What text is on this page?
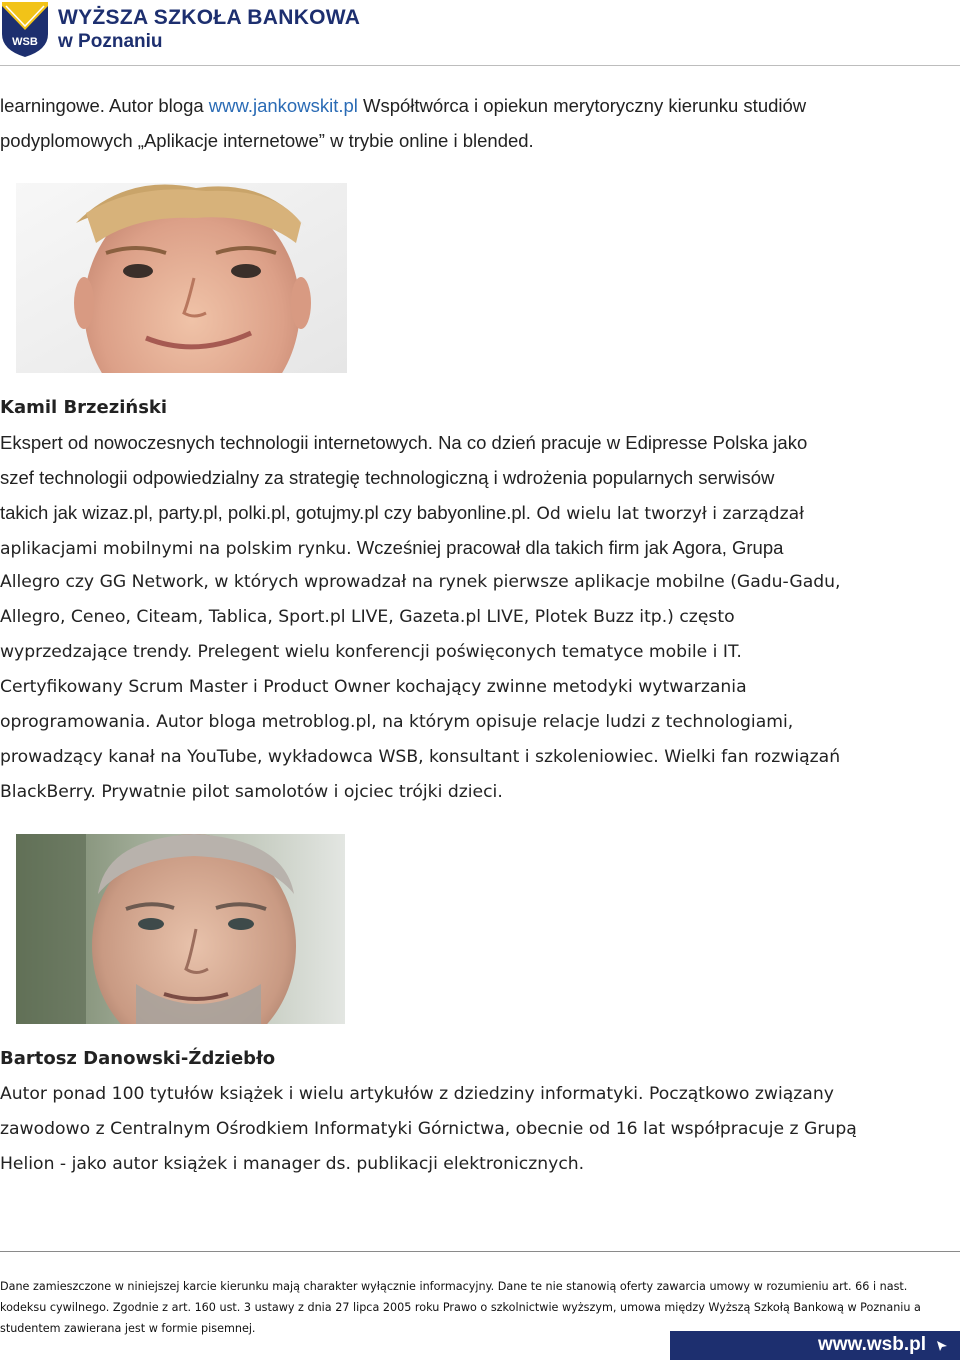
WSB
WYŻSZA SZKOŁA BANKOWA
w Poznaniu
learningowe. Autor bloga www.jankowskit.pl Współtwórca i opiekun merytoryczny kierunku studiów
podyplomowych „Aplikacje internetowe” w trybie online i blended.
Kamil Brzeziński
Ekspert od nowoczesnych technologii internetowych. Na co dzień pracuje w Edipresse Polska jako
szef technologii odpowiedzialny za strategię technologiczną i wdrożenia popularnych serwisów
takich jak wizaz.pl, party.pl, polki.pl, gotujmy.pl czy babyonline.pl. Od wielu lat tworzył i zarządzał
aplikacjami mobilnymi na polskim rynku. Wcześniej pracował dla takich firm jak Agora, Grupa
Allegro czy GG Network, w których wprowadzał na rynek pierwsze aplikacje mobilne (Gadu-Gadu,
Allegro, Ceneo, Citeam, Tablica, Sport.pl LIVE, Gazeta.pl LIVE, Plotek Buzz itp.) często
wyprzedzające trendy. Prelegent wielu konferencji poświęconych tematyce mobile i IT.
Certyfikowany Scrum Master i Product Owner kochający zwinne metodyki wytwarzania
oprogramowania. Autor bloga metroblog.pl, na którym opisuje relacje ludzi z technologiami,
prowadzący kanał na YouTube, wykładowca WSB, konsultant i szkoleniowiec. Wielki fan rozwiązań
BlackBerry. Prywatnie pilot samolotów i ojciec trójki dzieci.
Bartosz Danowski-Ździebło
Autor ponad 100 tytułów książek i wielu artykułów z dziedziny informatyki. Początkowo związany
zawodowo z Centralnym Ośrodkiem Informatyki Górnictwa, obecnie od 16 lat współpracuje z Grupą
Helion - jako autor książek i manager ds. publikacji elektronicznych.
Dane zamieszczone w niniejszej karcie kierunku mają charakter wyłącznie informacyjny. Dane te nie stanowią oferty zawarcia umowy w rozumieniu art. 66 i nast.
kodeksu cywilnego. Zgodnie z art. 160 ust. 3 ustawy z dnia 27 lipca 2005 roku Prawo o szkolnictwie wyższym, umowa między Wyższą Szkołą Bankową w Poznaniu a
studentem zawierana jest w formie pisemnej.
www.wsb.pl
